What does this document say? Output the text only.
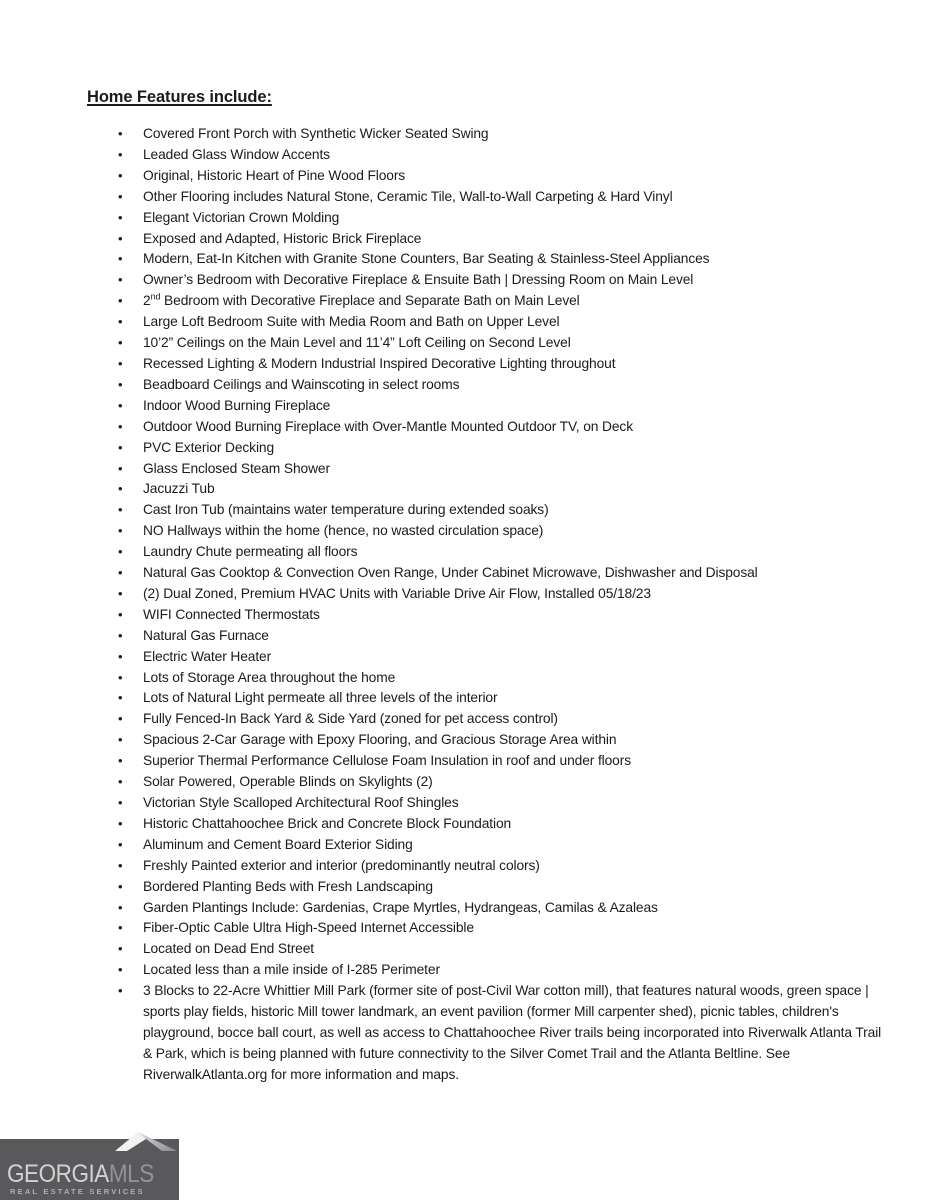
Home Features include:
•	Covered Front Porch with Synthetic Wicker Seated Swing
•	Leaded Glass Window Accents
•	Original, Historic Heart of Pine Wood Floors
•	Other Flooring includes Natural Stone, Ceramic Tile, Wall-to-Wall Carpeting & Hard Vinyl
•	Elegant Victorian Crown Molding
•	Exposed and Adapted, Historic Brick Fireplace
•	Modern, Eat-In Kitchen with Granite Stone Counters, Bar Seating & Stainless-Steel Appliances
•	Owner’s Bedroom with Decorative Fireplace & Ensuite Bath | Dressing Room on Main Level
•	2nd Bedroom with Decorative Fireplace and Separate Bath on Main Level
•	Large Loft Bedroom Suite with Media Room and Bath on Upper Level
•	10’2” Ceilings on the Main Level and 11’4” Loft Ceiling on Second Level
•	Recessed Lighting & Modern Industrial Inspired Decorative Lighting throughout
•	Beadboard Ceilings and Wainscoting in select rooms
•	Indoor Wood Burning Fireplace
•	Outdoor Wood Burning Fireplace with Over-Mantle Mounted Outdoor TV, on Deck
•	PVC Exterior Decking
•	Glass Enclosed Steam Shower
•	Jacuzzi Tub
•	Cast Iron Tub (maintains water temperature during extended soaks)
•	NO Hallways within the home (hence, no wasted circulation space)
•	Laundry Chute permeating all floors
•	Natural Gas Cooktop & Convection Oven Range, Under Cabinet Microwave, Dishwasher and Disposal
•	(2) Dual Zoned, Premium HVAC Units with Variable Drive Air Flow, Installed 05/18/23
•	WIFI Connected Thermostats
•	Natural Gas Furnace
•	Electric Water Heater
•	Lots of Storage Area throughout the home
•	Lots of Natural Light permeate all three levels of the interior
•	Fully Fenced-In Back Yard & Side Yard (zoned for pet access control)
•	Spacious 2-Car Garage with Epoxy Flooring, and Gracious Storage Area within
•	Superior Thermal Performance Cellulose Foam Insulation in roof and under floors
•	Solar Powered, Operable Blinds on Skylights (2)
•	Victorian Style Scalloped Architectural Roof Shingles
•	Historic Chattahoochee Brick and Concrete Block Foundation
•	Aluminum and Cement Board Exterior Siding
•	Freshly Painted exterior and interior (predominantly neutral colors)
•	Bordered Planting Beds with Fresh Landscaping
•	Garden Plantings Include: Gardenias, Crape Myrtles, Hydrangeas, Camilas & Azaleas
•	Fiber-Optic Cable Ultra High-Speed Internet Accessible
•	Located on Dead End Street
•	Located less than a mile inside of I-285 Perimeter
•	3 Blocks to 22-Acre Whittier Mill Park (former site of post-Civil War cotton mill), that features natural woods, green space | sports play fields, historic Mill tower landmark, an event pavilion (former Mill carpenter shed), picnic tables, children's playground, bocce ball court, as well as access to Chattahoochee River trails being incorporated into Riverwalk Atlanta Trail & Park, which is being planned with future connectivity to the Silver Comet Trail and the Atlanta Beltline. See RiverwalkAtlanta.org for more information and maps.
GEORGIAMLS
REAL ESTATE SERVICES
